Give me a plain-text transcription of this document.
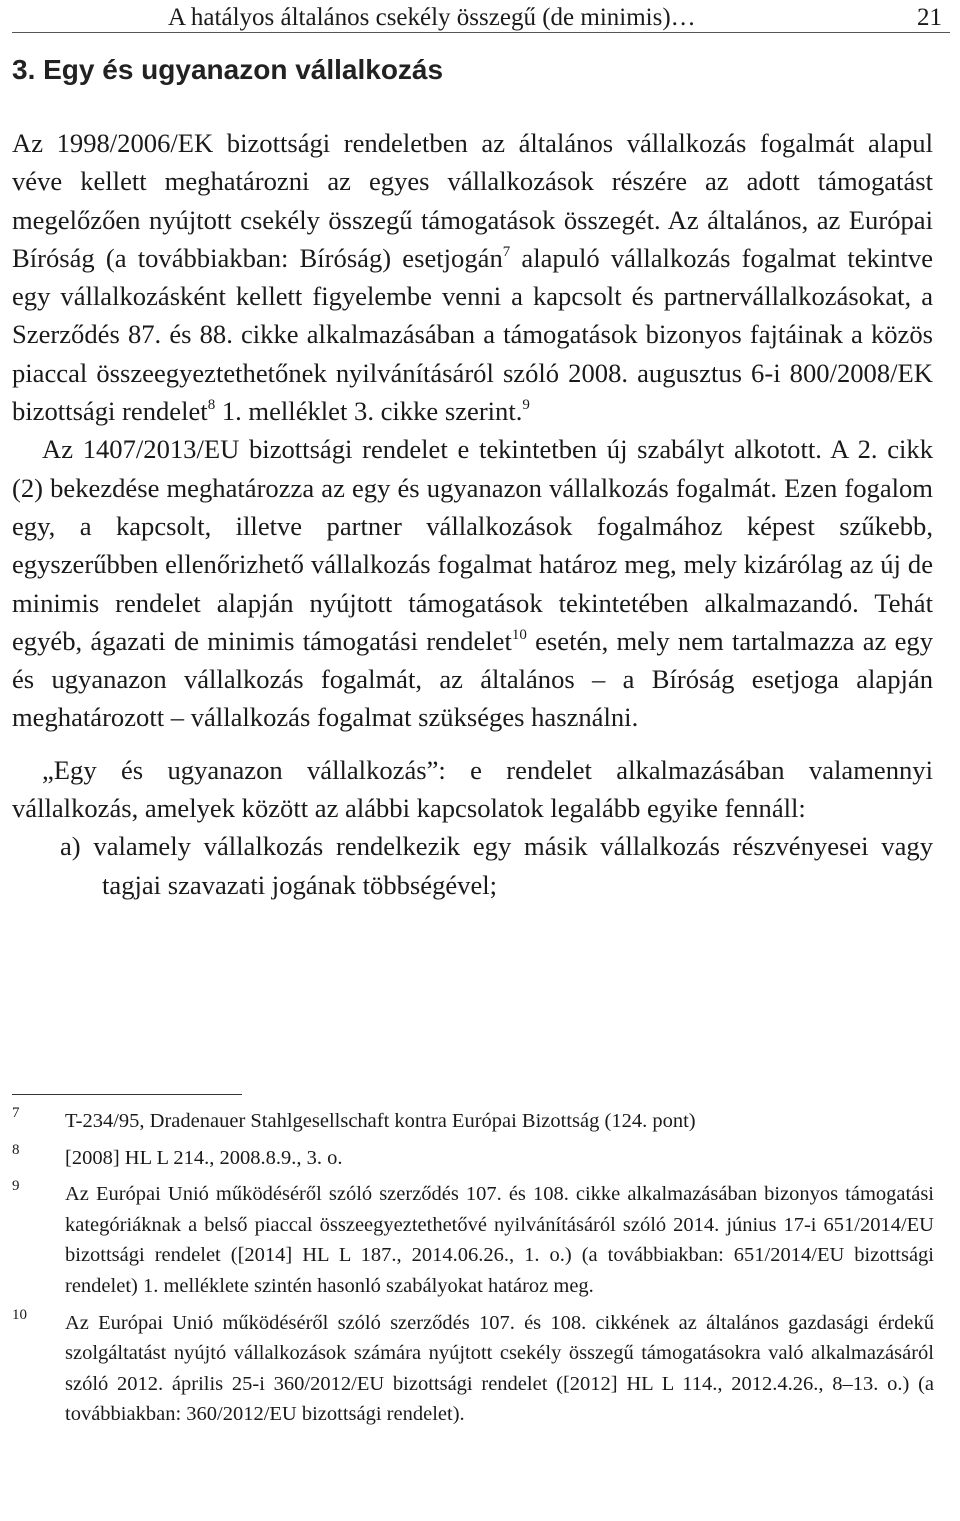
A hatályos általános csekély összegű (de minimis)…	21
3. Egy és ugyanazon vállalkozás

Az 1998/2006/EK bizottsági rendeletben az általános vállalkozás fogalmát alapul véve kellett meghatározni az egyes vállalkozások részére az adott támogatást megelőzően nyújtott csekély összegű támogatások összegét. Az általános, az Európai Bíróság (a továbbiakban: Bíróság) esetjogán$^7$ alapuló vállalkozás fogalmat tekintve egy vállalkozásként kellett figyelembe venni a kapcsolt és partnervállalkozásokat, a Szerződés 87. és 88. cikke alkalmazásában a támogatások bizonyos fajtáinak a közös piaccal összeegyeztethetőnek nyilvánításáról szóló 2008. augusztus 6-i 800/2008/EK bizottsági rendelet$^8$ 1. melléklet 3. cikke szerint.$^9$

Az 1407/2013/EU bizottsági rendelet e tekintetben új szabályt alkotott. A 2. cikk (2) bekezdése meghatározza az egy és ugyanazon vállalkozás fogalmát. Ezen fogalom egy, a kapcsolt, illetve partner vállalkozások fogalmához képest szűkebb, egyszerűbben ellenőrizhető vállalkozás fogalmat határoz meg, mely kizárólag az új de minimis rendelet alapján nyújtott támogatások tekintetében alkalmazandó. Tehát egyéb, ágazati de minimis támogatási rendelet$^{10}$ esetén, mely nem tartalmazza az egy és ugyanazon vállalkozás fogalmát, az általános – a Bíróság esetjoga alapján meghatározott – vállalkozás fogalmat szükséges használni.

„Egy és ugyanazon vállalkozás”: e rendelet alkalmazásában valamennyi vállalkozás, amelyek között az alábbi kapcsolatok legalább egyike fennáll:

a) valamely vállalkozás rendelkezik egy másik vállalkozás részvényesei vagy tagjai szavazati jogának többségével;

7 T-234/95, Dradenauer Stahlgesellschaft kontra Európai Bizottság (124. pont)
8 [2008] HL L 214., 2008.8.9., 3. o.
9 Az Európai Unió működéséről szóló szerződés 107. és 108. cikke alkalmazásában bizonyos támogatási kategóriáknak a belső piaccal összeegyeztethetővé nyilvánításáról szóló 2014. június 17-i 651/2014/EU bizottsági rendelet ([2014] HL L 187., 2014.06.26., 1. o.) (a továbbiakban: 651/2014/EU bizottsági rendelet) 1. melléklete szintén hasonló szabályokat határoz meg.
10 Az Európai Unió működéséről szóló szerződés 107. és 108. cikkének az általános gazdasági érdekű szolgáltatást nyújtó vállalkozások számára nyújtott csekély összegű támogatásokra való alkalmazásáról szóló 2012. április 25-i 360/2012/EU bizottsági rendelet ([2012] HL L 114., 2012.4.26., 8–13. o.) (a továbbiakban: 360/2012/EU bizottsági rendelet).
